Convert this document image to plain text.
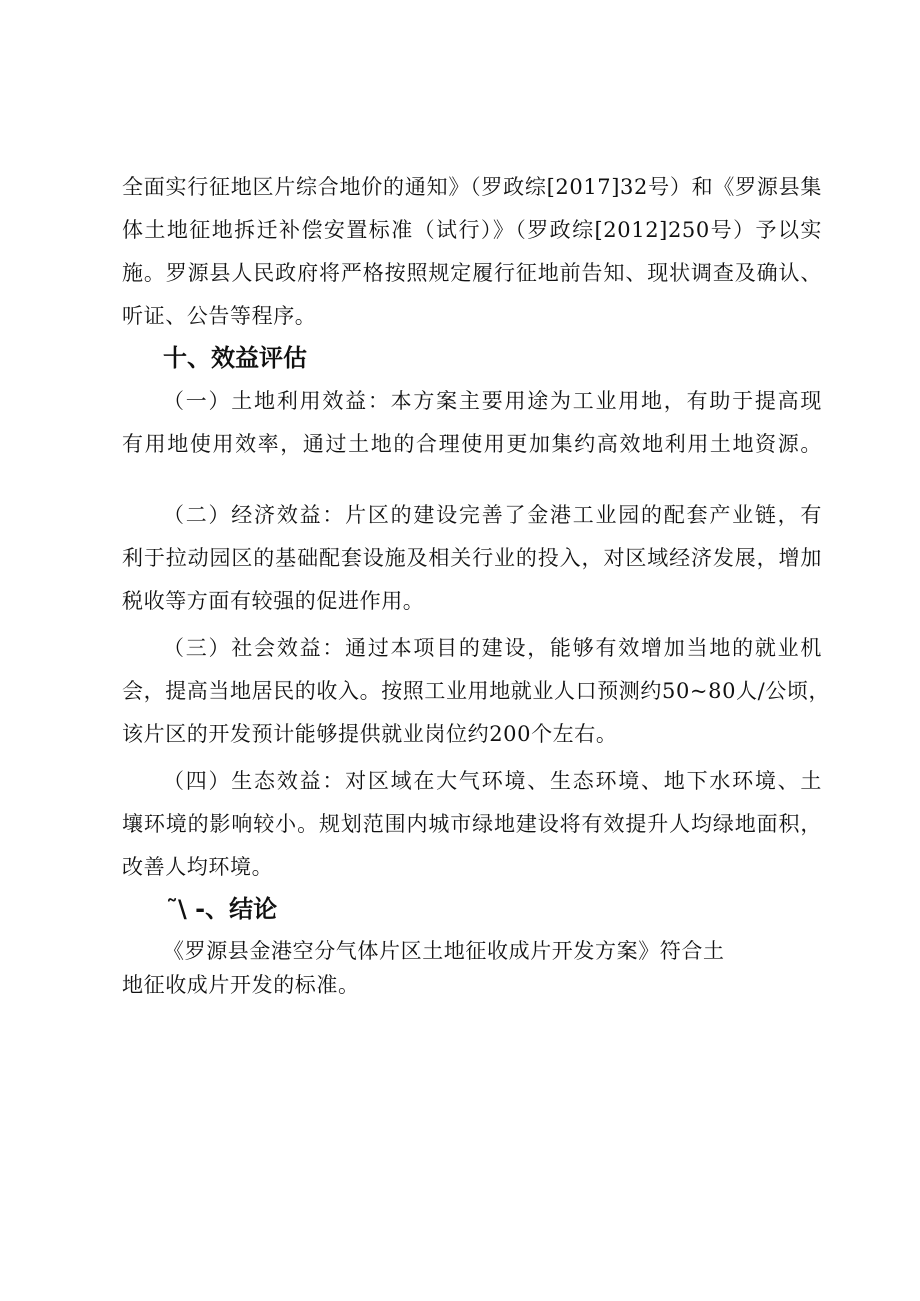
全面实行征地区片综合地价的通知》（罗政综[2017]32号）和《罗源县集
体土地征地拆迁补偿安置标准（试行）》（罗政综[2012]250号）予以实
施。罗源县人民政府将严格按照规定履行征地前告知、现状调查及确认、
听证、公告等程序。
十、效益评估
（一）土地利用效益：本方案主要用途为工业用地，有助于提高现
有用地使用效率，通过土地的合理使用更加集约高效地利用土地资源。
（二）经济效益：片区的建设完善了金港工业园的配套产业链，有
利于拉动园区的基础配套设施及相关行业的投入，对区域经济发展，增加
税收等方面有较强的促进作用。
（三）社会效益：通过本项目的建设，能够有效增加当地的就业机
会，提高当地居民的收入。按照工业用地就业人口预测约50~80人/公顷，
该片区的开发预计能够提供就业岗位约200个左右。
（四）生态效益：对区域在大气环境、生态环境、地下水环境、土
壤环境的影响较小。规划范围内城市绿地建设将有效提升人均绿地面积，
改善人均环境。
˜\ -、结论
《罗源县金港空分气体片区土地征收成片开发方案》符合土
地征收成片开发的标准。
